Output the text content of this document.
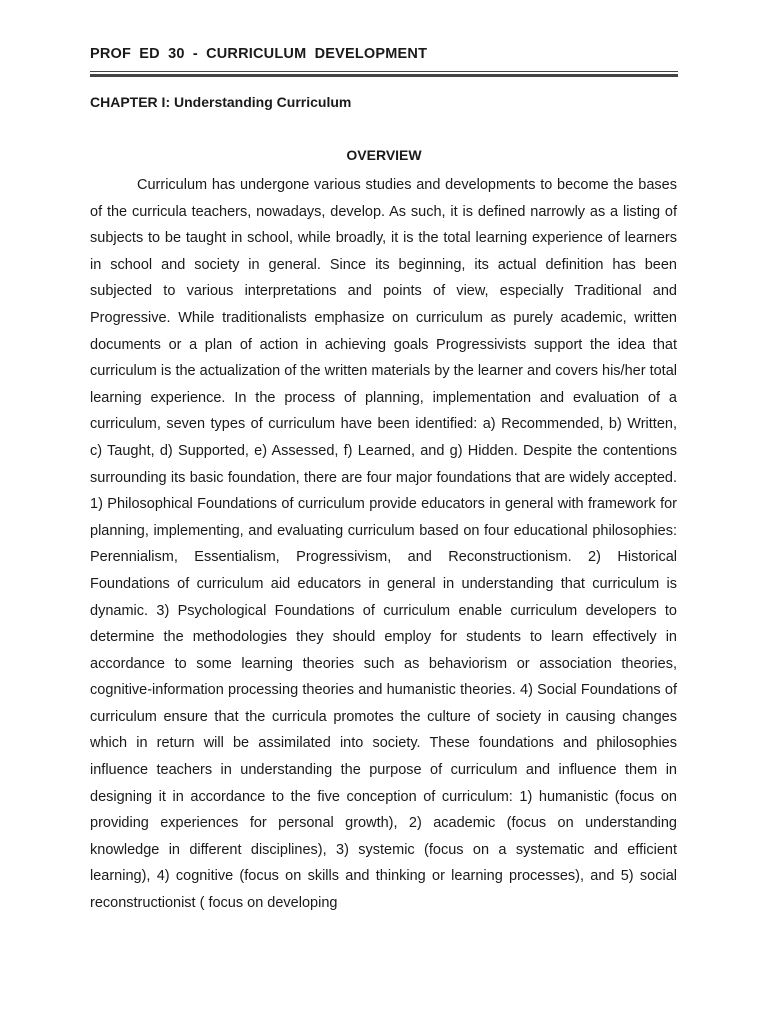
PROF ED 30 - CURRICULUM DEVELOPMENT
CHAPTER I: Understanding Curriculum
OVERVIEW

Curriculum has undergone various studies and developments to become the bases of the curricula teachers, nowadays, develop. As such, it is defined narrowly as a listing of subjects to be taught in school, while broadly, it is the total learning experience of learners in school and society in general. Since its beginning, its actual definition has been subjected to various interpretations and points of view, especially Traditional and Progressive. While traditionalists emphasize on curriculum as purely academic, written documents or a plan of action in achieving goals Progressivists support the idea that curriculum is the actualization of the written materials by the learner and covers his/her total learning experience. In the process of planning, implementation and evaluation of a curriculum, seven types of curriculum have been identified: a) Recommended, b) Written, c) Taught, d) Supported, e) Assessed, f) Learned, and g) Hidden. Despite the contentions surrounding its basic foundation, there are four major foundations that are widely accepted. 1) Philosophical Foundations of curriculum provide educators in general with framework for planning, implementing, and evaluating curriculum based on four educational philosophies: Perennialism, Essentialism, Progressivism, and Reconstructionism. 2) Historical Foundations of curriculum aid educators in general in understanding that curriculum is dynamic. 3) Psychological Foundations of curriculum enable curriculum developers to determine the methodologies they should employ for students to learn effectively in accordance to some learning theories such as behaviorism or association theories, cognitive-information processing theories and humanistic theories. 4) Social Foundations of curriculum ensure that the curricula promotes the culture of society in causing changes which in return will be assimilated into society. These foundations and philosophies influence teachers in understanding the purpose of curriculum and influence them in designing it in accordance to the five conception of curriculum: 1) humanistic (focus on providing experiences for personal growth), 2) academic (focus on understanding knowledge in different disciplines), 3) systemic (focus on a systematic and efficient learning), 4) cognitive (focus on skills and thinking or learning processes), and 5) social reconstructionist ( focus on developing
